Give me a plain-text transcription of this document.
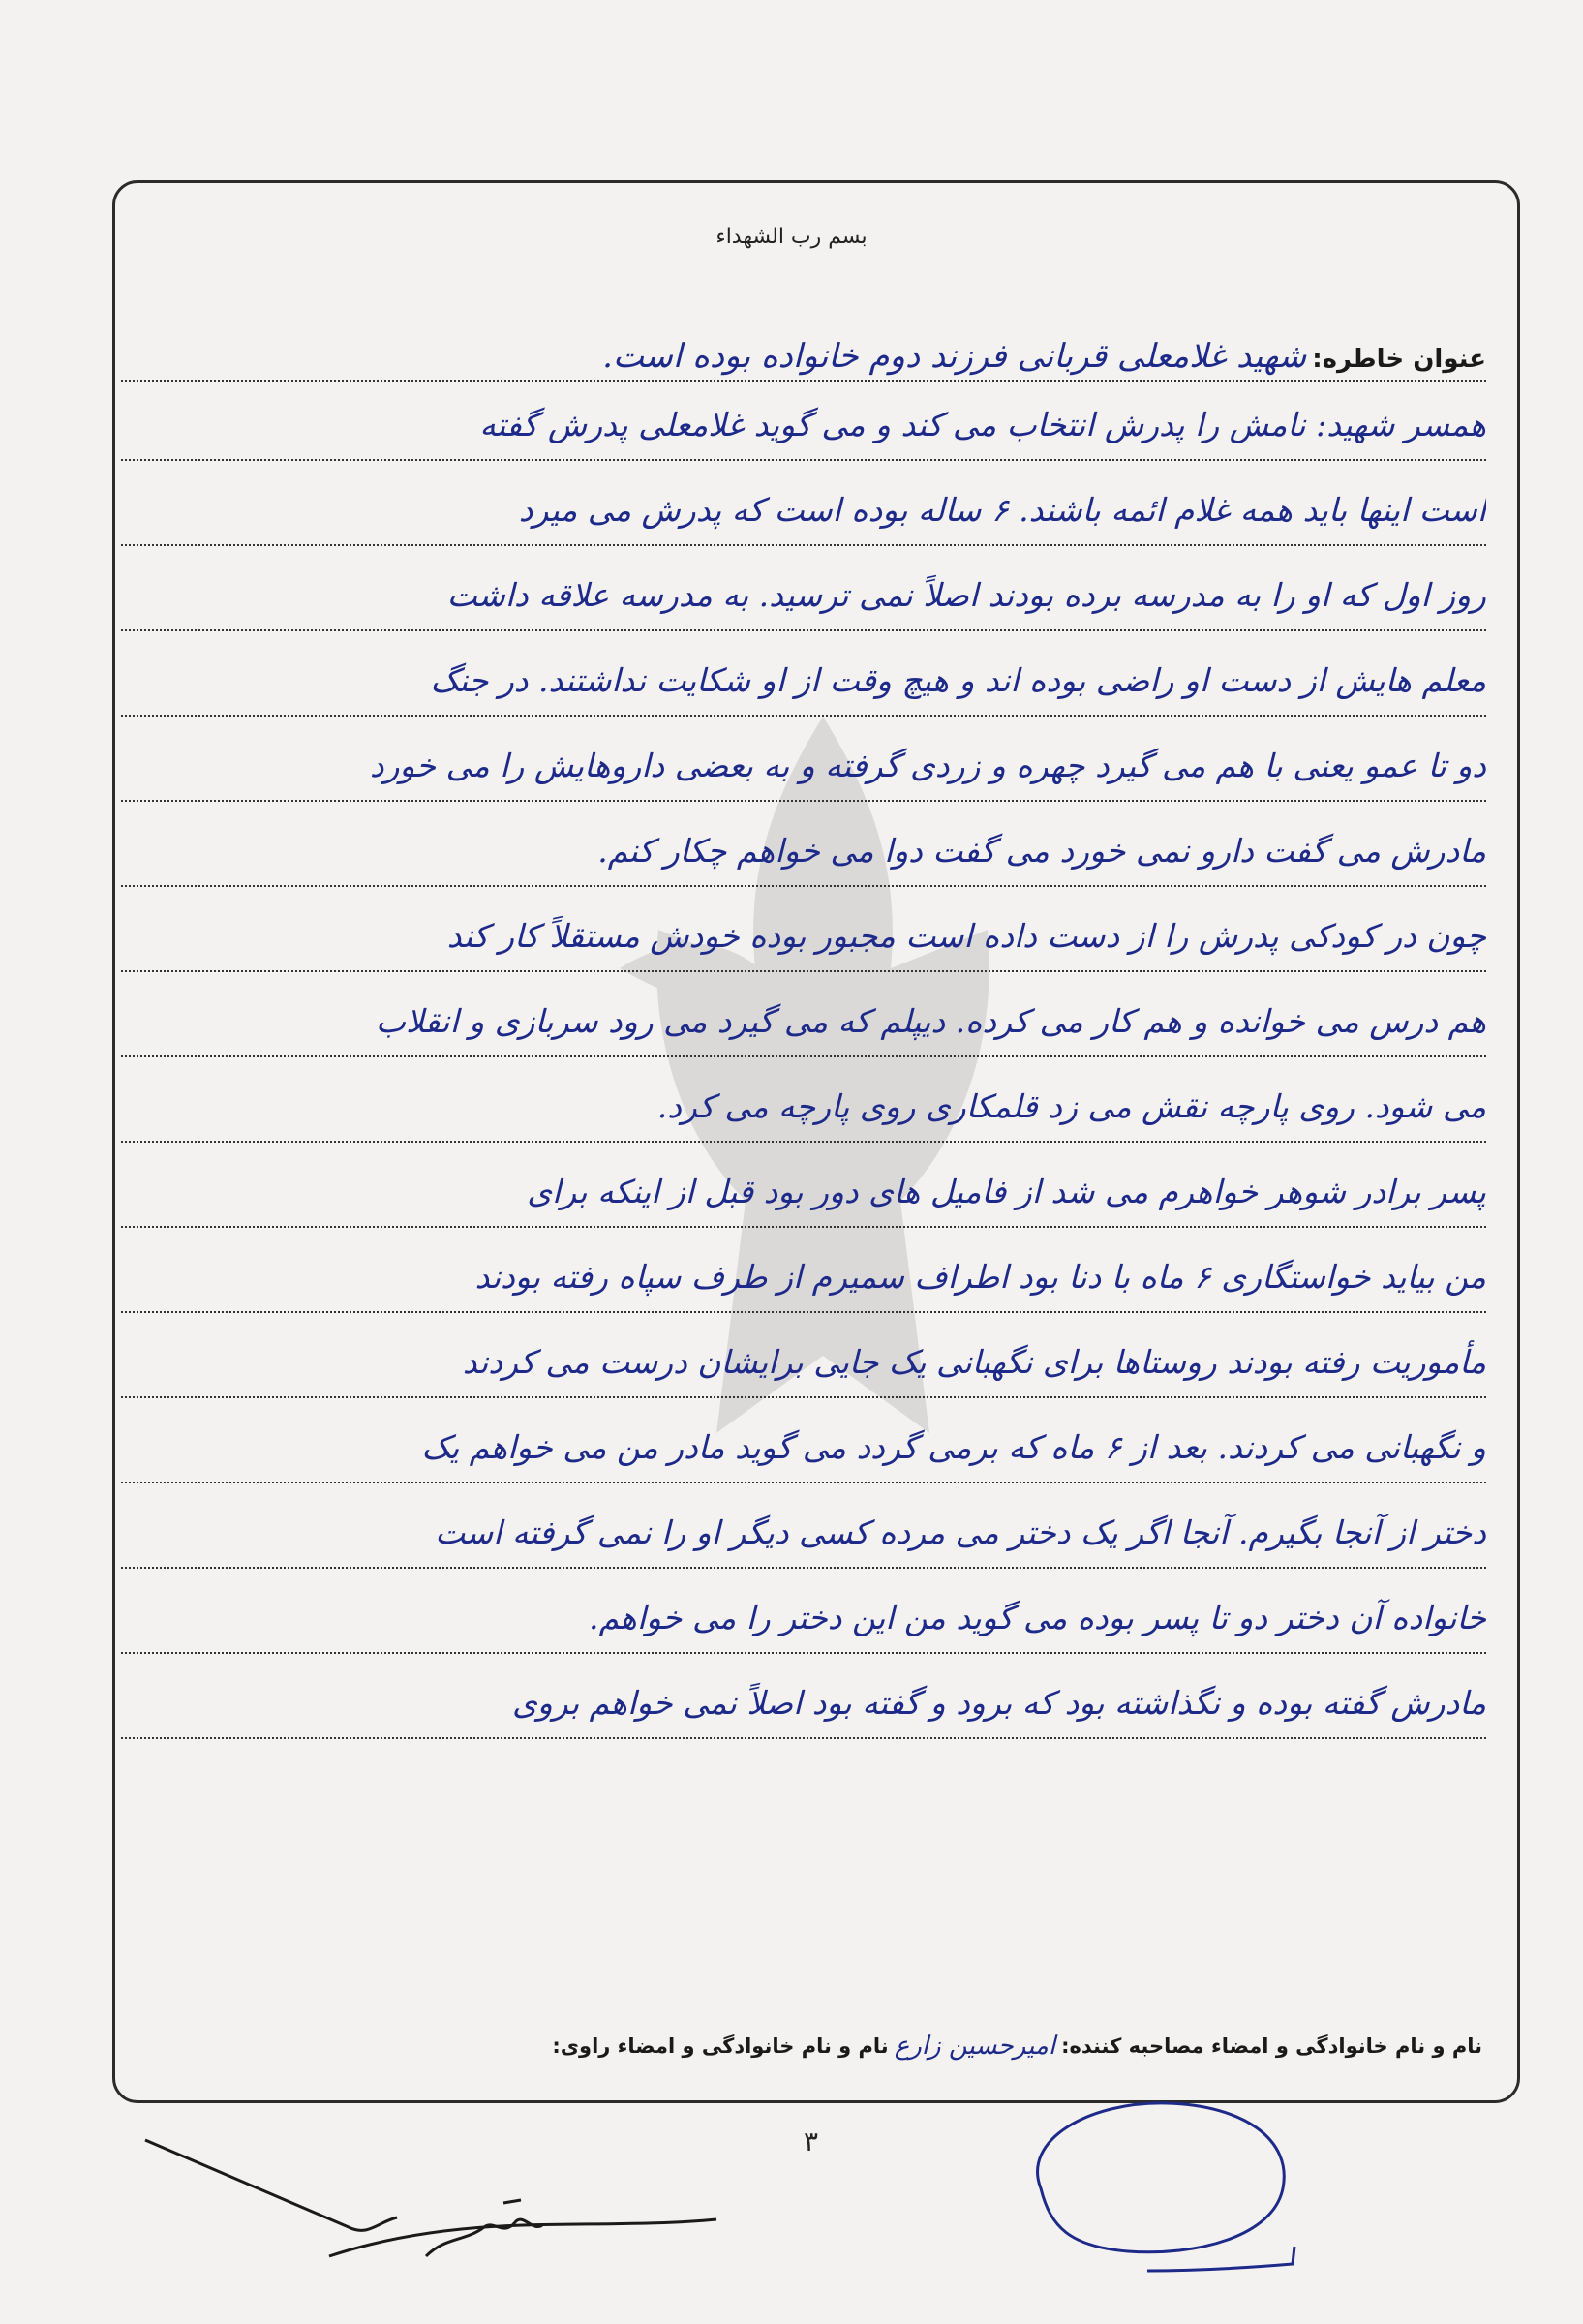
بسم رب الشهداء
عنوان خاطره:
شهید غلامعلی قربانی فرزند دوم خانواده بوده است.
همسر شهید: نامش را پدرش انتخاب می کند و می گوید غلامعلی پدرش گفته
است اینها باید همه غلام ائمه باشند. ۶ ساله بوده است که پدرش می میرد
روز اول که او را به مدرسه برده بودند اصلاً نمی ترسید. به مدرسه علاقه داشت
معلم هایش از دست او راضی بوده اند و هیچ وقت از او شکایت نداشتند. در جنگ
دو تا عمو یعنی با هم می گیرد چهره و زردی گرفته و به بعضی داروهایش را می خورد
مادرش می گفت دارو نمی خورد می گفت دوا می خواهم چکار کنم.
چون در کودکی پدرش را از دست داده است مجبور بوده خودش مستقلاً کار کند
هم درس می خوانده و هم کار می کرده. دیپلم که می گیرد می رود سربازی و انقلاب
می شود. روی پارچه نقش می زد قلمکاری روی پارچه می کرد.
پسر برادر شوهر خواهرم می شد از فامیل های دور بود قبل از اینکه برای
من بیاید خواستگاری ۶ ماه با دنا بود اطراف سمیرم از طرف سپاه رفته بودند
مأموریت رفته بودند روستاها برای نگهبانی یک جایی برایشان درست می کردند
و نگهبانی می کردند. بعد از ۶ ماه که برمی گردد می گوید مادر من می خواهم یک
دختر از آنجا بگیرم. آنجا اگر یک دختر می مرده کسی دیگر او را نمی گرفته است
خانواده آن دختر دو تا پسر بوده می گوید من این دختر را می خواهم.
مادرش گفته بوده و نگذاشته بود که برود و گفته بود اصلاً نمی خواهم بروی
نام و نام خانوادگی و امضاء مصاحبه کننده:
امیرحسین زارع
نام و نام خانوادگی و امضاء راوی:
۳
